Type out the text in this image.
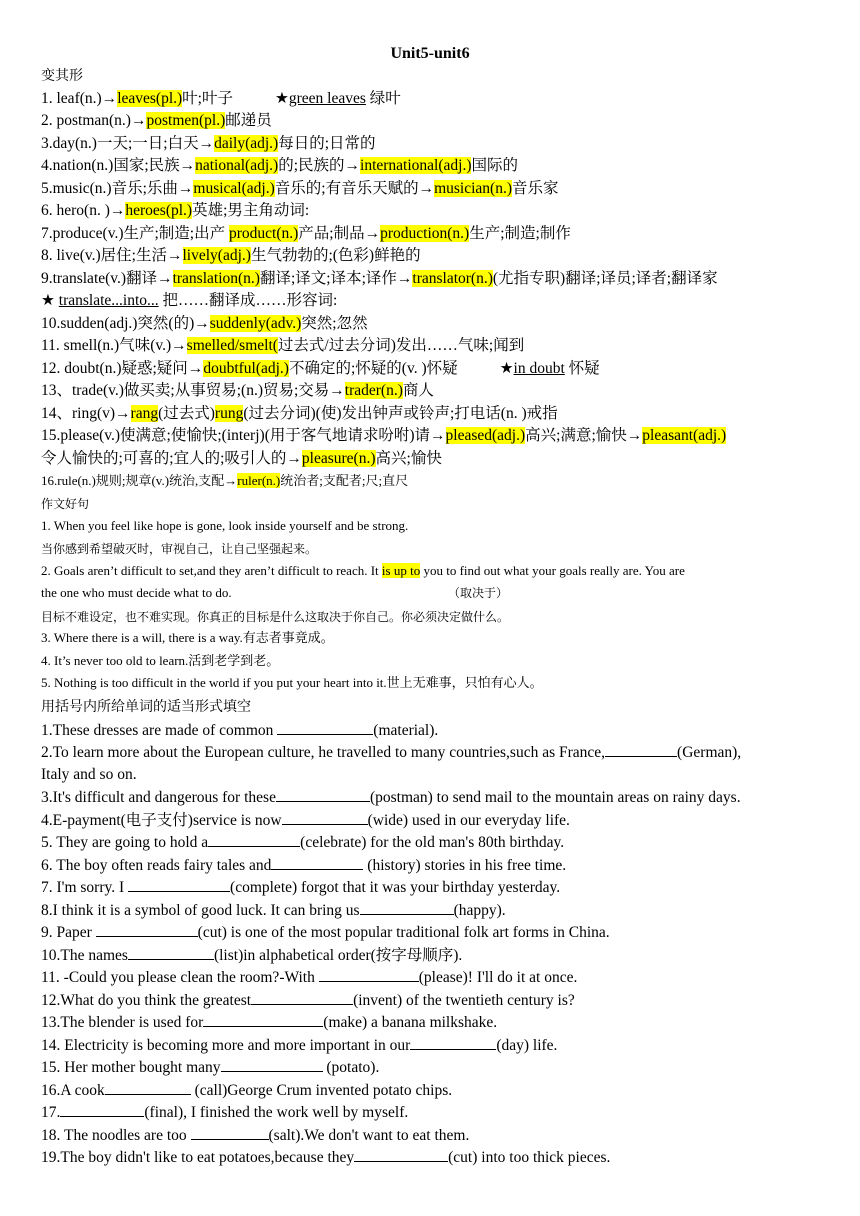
Unit5-unit6
变其形
1. leaf(n.)→leaves(pl.)叶;叶子	★green leaves 绿叶
2. postman(n.)→postmen(pl.)邮递员
3.day(n.)一天;一日;白天→daily(adj.)每日的;日常的
4.nation(n.)国家;民族→national(adj.)的;民族的→international(adj.)国际的
5.music(n.)音乐;乐曲→musical(adj.)音乐的;有音乐天赋的→musician(n.)音乐家
6. hero(n. )→heroes(pl.)英雄;男主角动词:
7.produce(v.)生产;制造;出产 product(n.)产品;制品→production(n.)生产;制造;制作
8. live(v.)居住;生活→lively(adj.)生气勃勃的;(色彩)鲜艳的
9.translate(v.)翻译→translation(n.)翻译;译文;译本;译作→translator(n.)(尤指专职)翻译;译员;译者;翻译家
★ translate...into... 把……翻译成……形容词:
10.sudden(adj.)突然(的)→suddenly(adv.)突然;忽然
11. smell(n.)气味(v.)→smelled/smelt(过去式/过去分词)发出……气味;闻到
12. doubt(n.)疑惑;疑问→doubtful(adj.)不确定的;怀疑的(v. )怀疑	★in doubt 怀疑
13、trade(v.)做买卖;从事贸易;(n.)贸易;交易→trader(n.)商人
14、ring(v)→rang(过去式)rung(过去分词)(使)发出钟声或铃声;打电话(n. )戒指
15.please(v.)使满意;使愉快;(interj)(用于客气地请求吩咐)请→pleased(adj.)高兴;满意;愉快→pleasant(adj.)
令人愉快的;可喜的;宜人的;吸引人的→pleasure(n.)高兴;愉快
16.rule(n.)规则;规章(v.)统治,支配→ruler(n.)统治者;支配者;尺;直尺
作文好句
1. When you feel like hope is gone, look inside yourself and be strong.
当你感到希望破灭时，审视自己，让自己坚强起来。
2. Goals aren’t difficult to set,and they aren’t difficult to reach. It is up to you to find out what your goals really are. You are
the one who must decide what to do.	（取决于）
目标不难设定，也不难实现。你真正的目标是什么这取决于你自己。你必须决定做什么。
3. Where there is a will, there is a way.有志者事竟成。
4. It’s never too old to learn.活到老学到老。
5. Nothing is too difficult in the world if you put your heart into it.世上无难事，只怕有心人。
用括号内所给单词的适当形式填空
1.These dresses are made of common	(material).
2.To learn more about the European culture, he travelled to many countries,such as France,	(German),
Italy and so on.
3.It's difficult and dangerous for these	(postman) to send mail to the mountain areas on rainy days.
4.E-payment(电子支付)service is now	(wide) used in our everyday life.
5. They are going to hold a	(celebrate) for the old man's 80th birthday.
6. The boy often reads fairy tales and	(history) stories in his free time.
7. I'm sorry. I	(complete) forgot that it was your birthday yesterday.
8.I think it is a symbol of good luck. It can bring us	(happy).
9. Paper	(cut) is one of the most popular traditional folk art forms in China.
10.The names	(list)in alphabetical order(按字母顺序).
11. -Could you please clean the room?-With	(please)! I'll do it at once.
12.What do you think the greatest	(invent) of the twentieth century is?
13.The blender is used for	(make) a banana milkshake.
14. Electricity is becoming more and more important in our	(day) life.
15. Her mother bought many	(potato).
16.A cook	(call)George Crum invented potato chips.
17.	(final), I finished the work well by myself.
18. The noodles are too	(salt).We don't want to eat them.
19.The boy didn't like to eat potatoes,because they	(cut) into too thick pieces.
